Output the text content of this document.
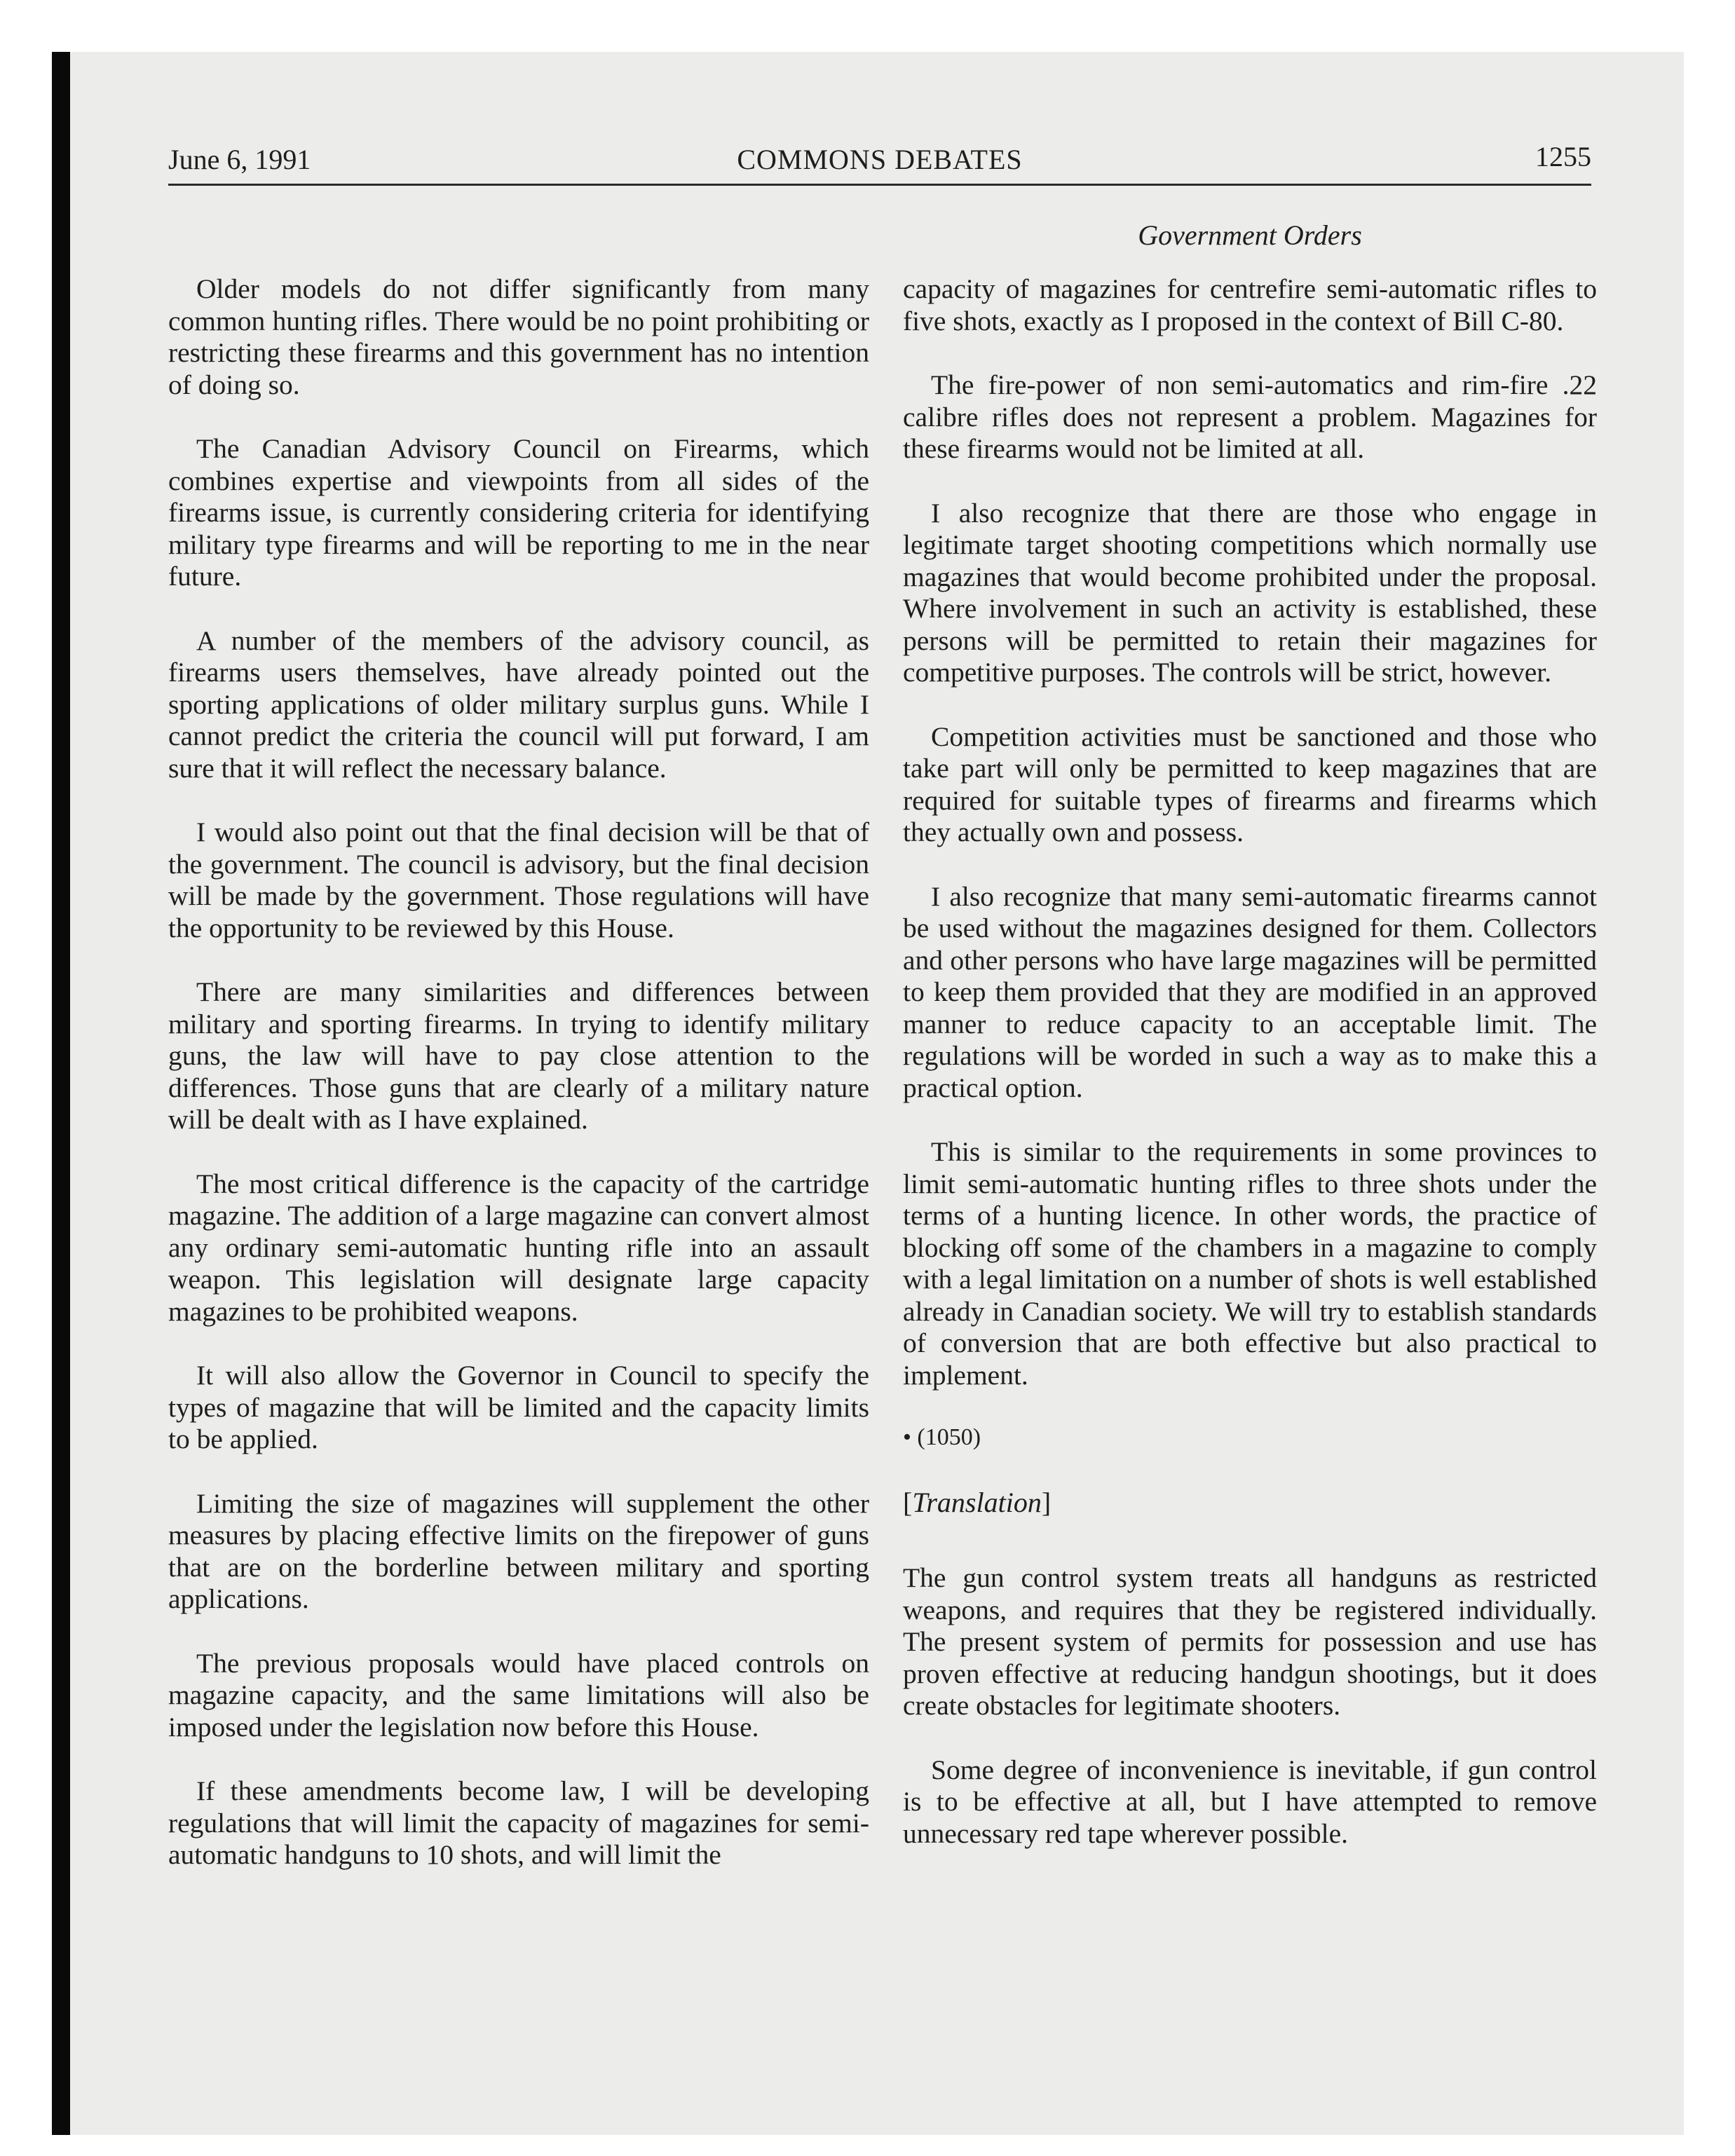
June 6, 1991	COMMONS DEBATES	1255
Government Orders

Older models do not differ significantly from many common hunting rifles. There would be no point prohibiting or restricting these firearms and this government has no intention of doing so.

The Canadian Advisory Council on Firearms, which combines expertise and viewpoints from all sides of the firearms issue, is currently considering criteria for identifying military type firearms and will be reporting to me in the near future.

A number of the members of the advisory council, as firearms users themselves, have already pointed out the sporting applications of older military surplus guns. While I cannot predict the criteria the council will put forward, I am sure that it will reflect the necessary balance.

I would also point out that the final decision will be that of the government. The council is advisory, but the final decision will be made by the government. Those regulations will have the opportunity to be reviewed by this House.

There are many similarities and differences between military and sporting firearms. In trying to identify military guns, the law will have to pay close attention to the differences. Those guns that are clearly of a military nature will be dealt with as I have explained.

The most critical difference is the capacity of the cartridge magazine. The addition of a large magazine can convert almost any ordinary semi-automatic hunting rifle into an assault weapon. This legislation will designate large capacity magazines to be prohibited weapons.

It will also allow the Governor in Council to specify the types of magazine that will be limited and the capacity limits to be applied.

Limiting the size of magazines will supplement the other measures by placing effective limits on the firepower of guns that are on the borderline between military and sporting applications.

The previous proposals would have placed controls on magazine capacity, and the same limitations will also be imposed under the legislation now before this House.

If these amendments become law, I will be developing regulations that will limit the capacity of magazines for semi-automatic handguns to 10 shots, and will limit the

capacity of magazines for centrefire semi-automatic rifles to five shots, exactly as I proposed in the context of Bill C-80.

The fire-power of non semi-automatics and rim-fire .22 calibre rifles does not represent a problem. Magazines for these firearms would not be limited at all.

I also recognize that there are those who engage in legitimate target shooting competitions which normally use magazines that would become prohibited under the proposal. Where involvement in such an activity is established, these persons will be permitted to retain their magazines for competitive purposes. The controls will be strict, however.

Competition activities must be sanctioned and those who take part will only be permitted to keep magazines that are required for suitable types of firearms and firearms which they actually own and possess.

I also recognize that many semi-automatic firearms cannot be used without the magazines designed for them. Collectors and other persons who have large magazines will be permitted to keep them provided that they are modified in an approved manner to reduce capacity to an acceptable limit. The regulations will be worded in such a way as to make this a practical option.

This is similar to the requirements in some provinces to limit semi-automatic hunting rifles to three shots under the terms of a hunting licence. In other words, the practice of blocking off some of the chambers in a magazine to comply with a legal limitation on a number of shots is well established already in Canadian society. We will try to establish standards of conversion that are both effective but also practical to implement.

• (1050)
[Translation]

The gun control system treats all handguns as restricted weapons, and requires that they be registered individually. The present system of permits for possession and use has proven effective at reducing handgun shootings, but it does create obstacles for legitimate shooters.

Some degree of inconvenience is inevitable, if gun control is to be effective at all, but I have attempted to remove unnecessary red tape wherever possible.
